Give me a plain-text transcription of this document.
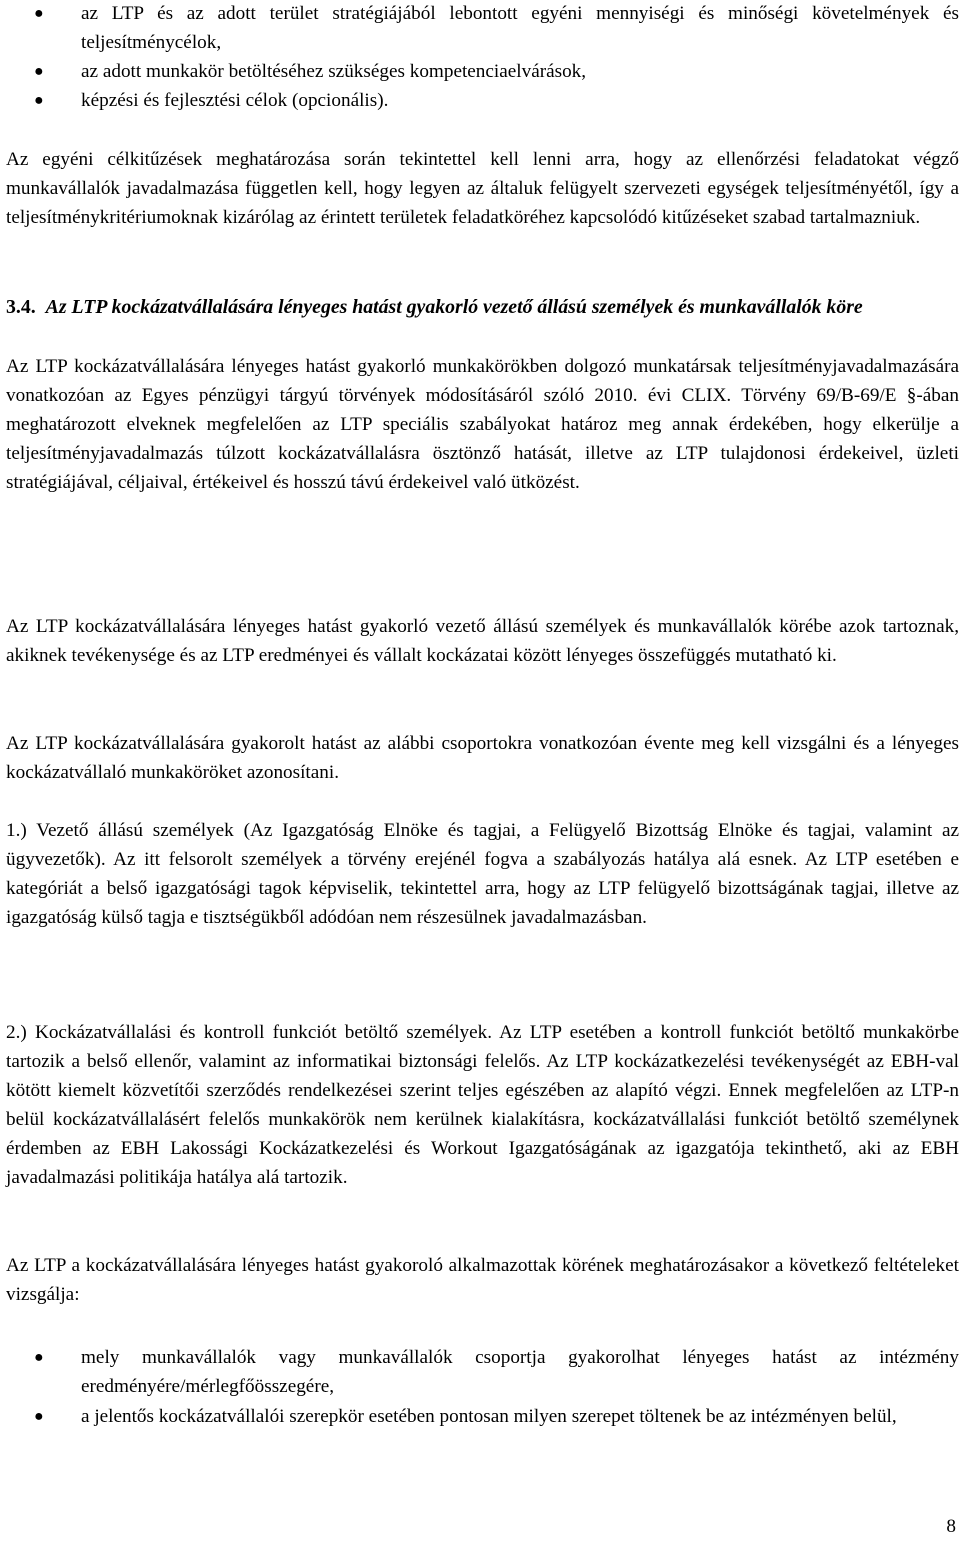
● az LTP és az adott terület stratégiájából lebontott egyéni mennyiségi és minőségi követelmények és teljesítménycélok,

● az adott munkakör betöltéséhez szükséges kompetenciaelvárások,

● képzési és fejlesztési célok (opcionális).

Az egyéni célkitűzések meghatározása során tekintettel kell lenni arra, hogy az ellenőrzési feladatokat végző munkavállalók javadalmazása független kell, hogy legyen az általuk felügyelt szervezeti egységek teljesítményétől, így a teljesítménykritériumoknak kizárólag az érintett területek feladatköréhez kapcsolódó kitűzéseket szabad tartalmazniuk.

3.4. Az LTP kockázatvállalására lényeges hatást gyakorló vezető állású személyek és munkavállalók köre

Az LTP kockázatvállalására lényeges hatást gyakorló munkakörökben dolgozó munkatársak teljesítményjavadalmazására vonatkozóan az Egyes pénzügyi tárgyú törvények módosításáról szóló 2010. évi CLIX. Törvény 69/B-69/E §-ában meghatározott elveknek megfelelően az LTP speciális szabályokat határoz meg annak érdekében, hogy elkerülje a teljesítményjavadalmazás túlzott kockázatvállalásra ösztönző hatását, illetve az LTP tulajdonosi érdekeivel, üzleti stratégiájával, céljaival, értékeivel és hosszú távú érdekeivel való ütközést.

Az LTP kockázatvállalására lényeges hatást gyakorló vezető állású személyek és munkavállalók körébe azok tartoznak, akiknek tevékenysége és az LTP eredményei és vállalt kockázatai között lényeges összefüggés mutatható ki.

Az LTP kockázatvállalására gyakorolt hatást az alábbi csoportokra vonatkozóan évente meg kell vizsgálni és a lényeges kockázatvállaló munkaköröket azonosítani.

1.) Vezető állású személyek (Az Igazgatóság Elnöke és tagjai, a Felügyelő Bizottság Elnöke és tagjai, valamint az ügyvezetők). Az itt felsorolt személyek a törvény erejénél fogva a szabályozás hatálya alá esnek. Az LTP esetében e kategóriát a belső igazgatósági tagok képviselik, tekintettel arra, hogy az LTP felügyelő bizottságának tagjai, illetve az igazgatóság külső tagja e tisztségükből adódóan nem részesülnek javadalmazásban.

2.) Kockázatvállalási és kontroll funkciót betöltő személyek. Az LTP esetében a kontroll funkciót betöltő munkakörbe tartozik a belső ellenőr, valamint az informatikai biztonsági felelős. Az LTP kockázatkezelési tevékenységét az EBH-val kötött kiemelt közvetítői szerződés rendelkezései szerint teljes egészében az alapító végzi. Ennek megfelelően az LTP-n belül kockázatvállalásért felelős munkakörök nem kerülnek kialakításra, kockázatvállalási funkciót betöltő személynek érdemben az EBH Lakossági Kockázatkezelési és Workout Igazgatóságának az igazgatója tekinthető, aki az EBH javadalmazási politikája hatálya alá tartozik.

Az LTP a kockázatvállalására lényeges hatást gyakoroló alkalmazottak körének meghatározásakor a következő feltételeket vizsgálja:

● mely munkavállalók vagy munkavállalók csoportja gyakorolhat lényeges hatást az intézmény eredményére/mérlegfőösszegére,

● a jelentős kockázatvállalói szerepkör esetében pontosan milyen szerepet töltenek be az intézményen belül,

8
